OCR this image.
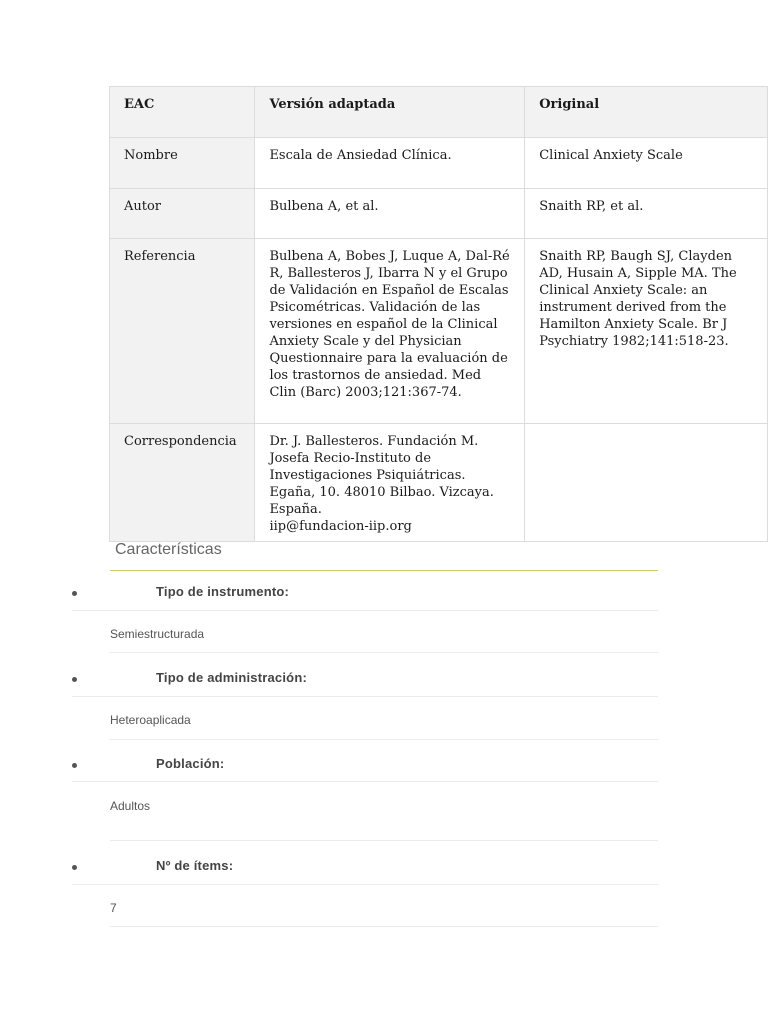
EAC	Versión adaptada	Original
Nombre	Escala de Ansiedad Clínica.	Clinical Anxiety Scale
Autor	Bulbena A, et al.	Snaith RP, et al.
Referencia	Bulbena A, Bobes J, Luque A, Dal-Ré R, Ballesteros J, Ibarra N y el Grupo de Validación en Español de Escalas Psicométricas. Validación de las versiones en español de la Clinical Anxiety Scale y del Physician Questionnaire para la evaluación de los trastornos de ansiedad. Med Clin (Barc) 2003;121:367-74.	Snaith RP, Baugh SJ, Clayden AD, Husain A, Sipple MA. The Clinical Anxiety Scale: an instrument derived from the Hamilton Anxiety Scale. Br J Psychiatry 1982;141:518-23.
Correspondencia	Dr. J. Ballesteros. Fundación M. Josefa Recio-Instituto de Investigaciones Psiquiátricas. Egaña, 10. 48010 Bilbao. Vizcaya. España.
iip@fundacion-iip.org	
Características
Tipo de instrumento:
Semiestructurada
Tipo de administración:
Heteroaplicada
Población:
Adultos
Nº de ítems:
7
